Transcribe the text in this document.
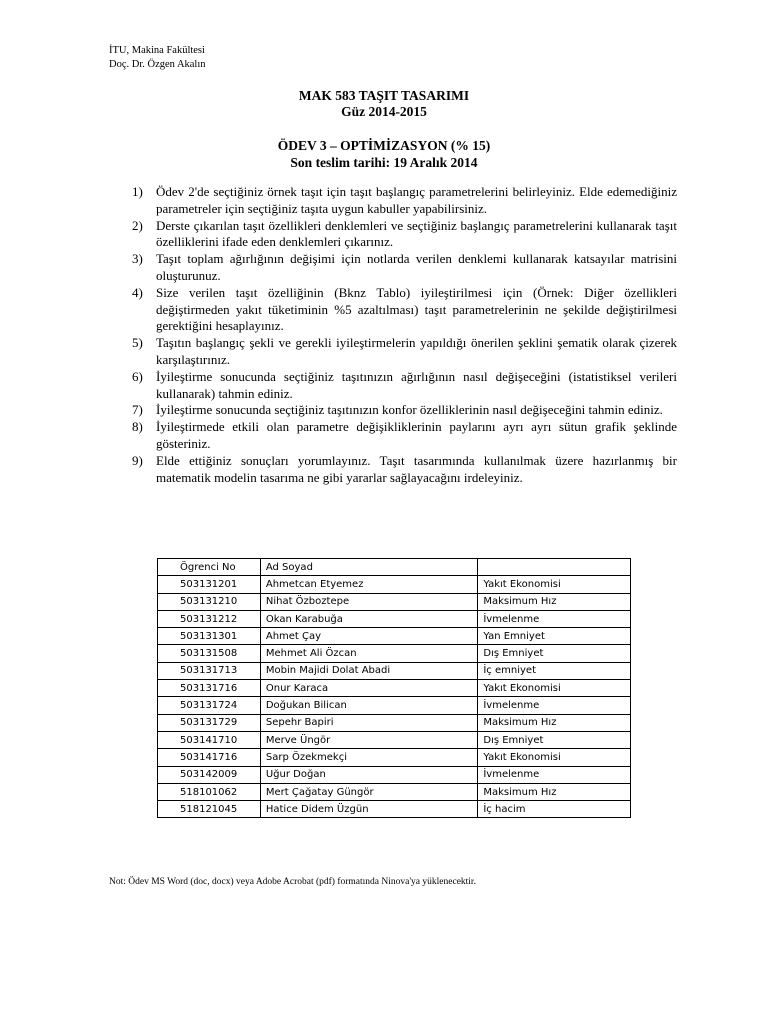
İTU, Makina Fakültesi
Doç. Dr. Özgen Akalın
MAK 583 TAŞIT TASARIMI
Güz 2014-2015
ÖDEV 3 – OPTİMİZASYON (% 15)
Son teslim tarihi: 19 Aralık 2014
1) Ödev 2'de seçtiğiniz örnek taşıt için taşıt başlangıç parametrelerini belirleyiniz. Elde edemediğiniz parametreler için seçtiğiniz taşıta uygun kabuller yapabilirsiniz.
2) Derste çıkarılan taşıt özellikleri denklemleri ve seçtiğiniz başlangıç parametrelerini kullanarak taşıt özelliklerini ifade eden denklemleri çıkarınız.
3) Taşıt toplam ağırlığının değişimi için notlarda verilen denklemi kullanarak katsayılar matrisini oluşturunuz.
4) Size verilen taşıt özelliğinin (Bknz Tablo) iyileştirilmesi için (Örnek: Diğer özellikleri değiştirmeden yakıt tüketiminin %5 azaltılması) taşıt parametrelerinin ne şekilde değiştirilmesi gerektiğini hesaplayınız.
5) Taşıtın başlangıç şekli ve gerekli iyileştirmelerin yapıldığı önerilen şeklini şematik olarak çizerek karşılaştırınız.
6) İyileştirme sonucunda seçtiğiniz taşıtınızın ağırlığının nasıl değişeceğini (istatistiksel verileri kullanarak) tahmin ediniz.
7) İyileştirme sonucunda seçtiğiniz taşıtınızın konfor özelliklerinin nasıl değişeceğini tahmin ediniz.
8) İyileştirmede etkili olan parametre değişikliklerinin paylarını ayrı ayrı sütun grafik şeklinde gösteriniz.
9) Elde ettiğiniz sonuçları yorumlayınız. Taşıt tasarımında kullanılmak üzere hazırlanmış bir matematik modelin tasarıma ne gibi yararlar sağlayacağını irdeleyiniz.
Ögrenci No	Ad Soyad	
503131201	Ahmetcan Etyemez	Yakıt Ekonomisi
503131210	Nihat Özboztepe	Maksimum Hız
503131212	Okan Karabuğa	İvmelenme
503131301	Ahmet Çay	Yan Emniyet
503131508	Mehmet Ali Özcan	Dış Emniyet
503131713	Mobin Majidi Dolat Abadi	İç emniyet
503131716	Onur Karaca	Yakıt Ekonomisi
503131724	Doğukan Bilican	İvmelenme
503131729	Sepehr Bapiri	Maksimum Hız
503141710	Merve Üngör	Dış Emniyet
503141716	Sarp Özekmekçi	Yakıt Ekonomisi
503142009	Uğur Doğan	İvmelenme
518101062	Mert Çağatay Güngör	Maksimum Hız
518121045	Hatice Didem Üzgün	İç hacim
Not: Ödev MS Word (doc, docx) veya Adobe Acrobat (pdf) formatında Ninova'ya yüklenecektir.
